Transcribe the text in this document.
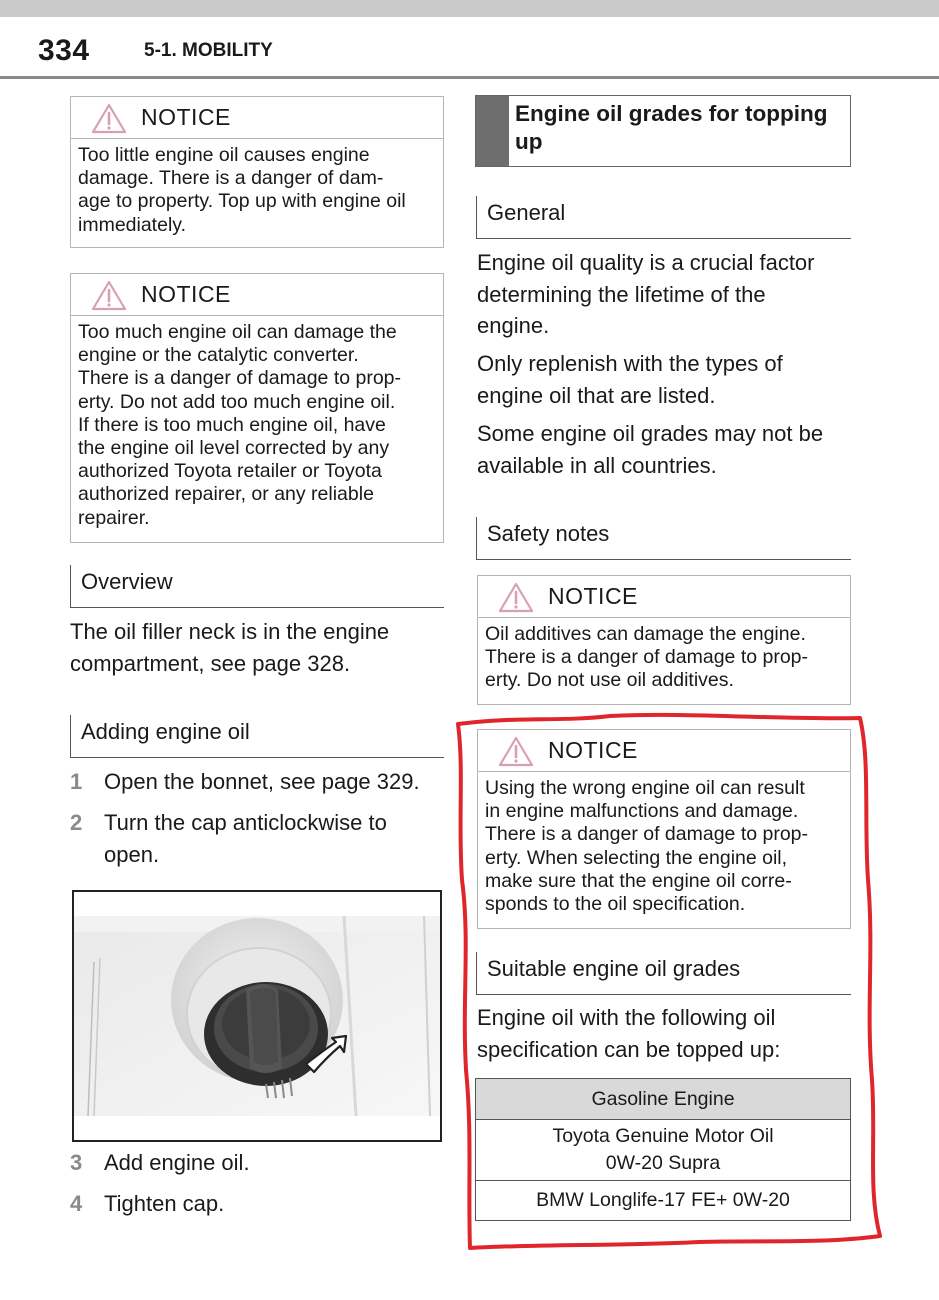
334	5-1. MOBILITY
NOTICE
Too little engine oil causes engine
damage. There is a danger of dam-
age to property. Top up with engine oil
immediately.
NOTICE
Too much engine oil can damage the
engine or the catalytic converter.
There is a danger of damage to prop-
erty. Do not add too much engine oil.
If there is too much engine oil, have
the engine oil level corrected by any
authorized Toyota retailer or Toyota
authorized repairer, or any reliable
repairer.
Overview
The oil filler neck is in the engine
compartment, see page 328.
Adding engine oil
1 Open the bonnet, see page 329.
2 Turn the cap anticlockwise to
open.
3 Add engine oil.
4 Tighten cap.
Engine oil grades for topping
up
General
Engine oil quality is a crucial factor
determining the lifetime of the
engine.
Only replenish with the types of
engine oil that are listed.
Some engine oil grades may not be
available in all countries.
Safety notes
NOTICE
Oil additives can damage the engine.
There is a danger of damage to prop-
erty. Do not use oil additives.
NOTICE
Using the wrong engine oil can result
in engine malfunctions and damage.
There is a danger of damage to prop-
erty. When selecting the engine oil,
make sure that the engine oil corre-
sponds to the oil specification.
Suitable engine oil grades
Engine oil with the following oil
specification can be topped up:
Gasoline Engine

Toyota Genuine Motor Oil
0W-20 Supra

BMW Longlife-17 FE+ 0W-20
